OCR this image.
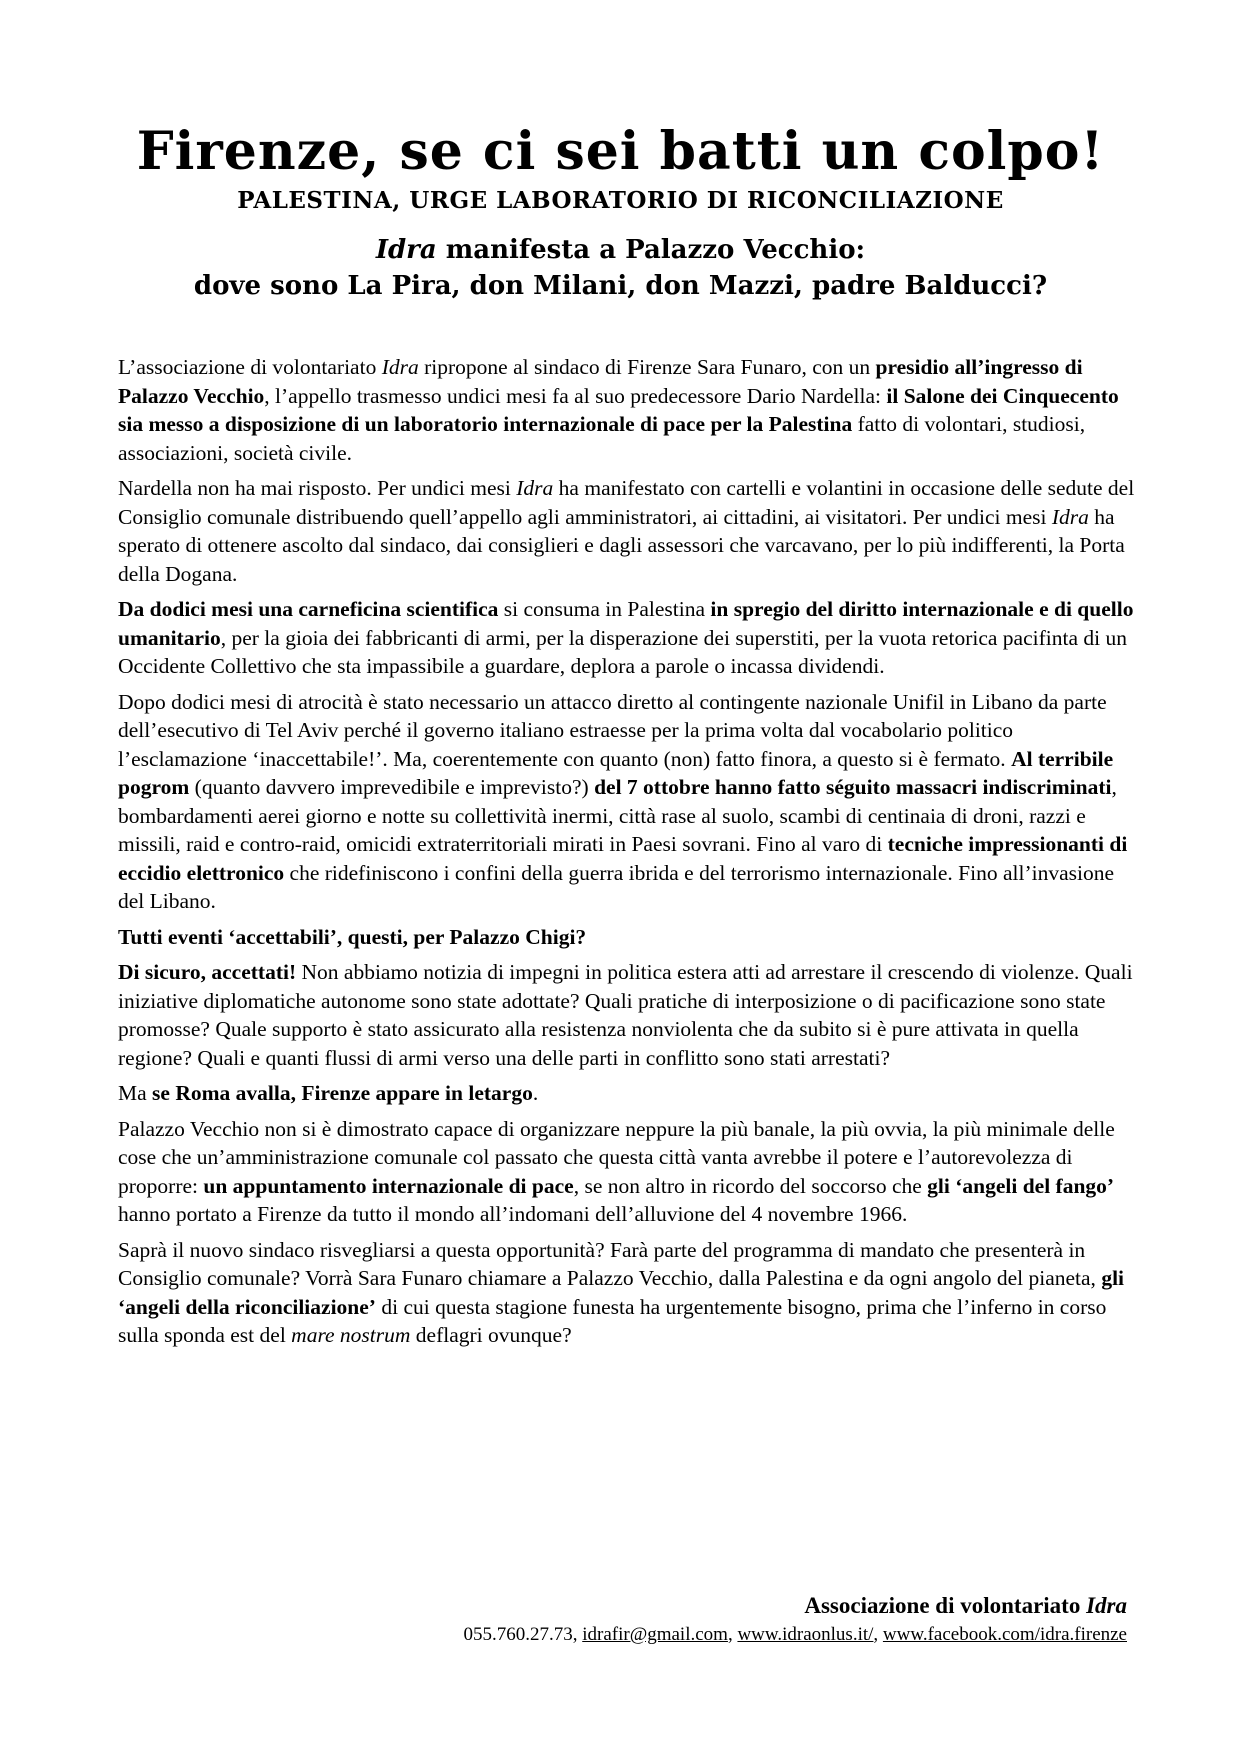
Firenze, se ci sei batti un colpo!
PALESTINA, URGE LABORATORIO DI RICONCILIAZIONE
Idra manifesta a Palazzo Vecchio:
dove sono La Pira, don Milani, don Mazzi, padre Balducci?

L’associazione di volontariato Idra ripropone al sindaco di Firenze Sara Funaro, con un presidio all’ingresso di Palazzo Vecchio, l’appello trasmesso undici mesi fa al suo predecessore Dario Nardella: il Salone dei Cinquecento sia messo a disposizione di un laboratorio internazionale di pace per la Palestina fatto di volontari, studiosi, associazioni, società civile.

Nardella non ha mai risposto. Per undici mesi Idra ha manifestato con cartelli e volantini in occasione delle sedute del Consiglio comunale distribuendo quell’appello agli amministratori, ai cittadini, ai visitatori. Per undici mesi Idra ha sperato di ottenere ascolto dal sindaco, dai consiglieri e dagli assessori che varcavano, per lo più indifferenti, la Porta della Dogana.

Da dodici mesi una carneficina scientifica si consuma in Palestina in spregio del diritto internazionale e di quello umanitario, per la gioia dei fabbricanti di armi, per la disperazione dei superstiti, per la vuota retorica pacifinta di un Occidente Collettivo che sta impassibile a guardare, deplora a parole o incassa dividendi.

Dopo dodici mesi di atrocità è stato necessario un attacco diretto al contingente nazionale Unifil in Libano da parte dell’esecutivo di Tel Aviv perché il governo italiano estraesse per la prima volta dal vocabolario politico l’esclamazione ‘inaccettabile!’. Ma, coerentemente con quanto (non) fatto finora, a questo si è fermato. Al terribile pogrom (quanto davvero imprevedibile e imprevisto?) del 7 ottobre hanno fatto séguito massacri indiscriminati, bombardamenti aerei giorno e notte su collettività inermi, città rase al suolo, scambi di centinaia di droni, razzi e missili, raid e contro-raid, omicidi extraterritoriali mirati in Paesi sovrani. Fino al varo di tecniche impressionanti di eccidio elettronico che ridefiniscono i confini della guerra ibrida e del terrorismo internazionale. Fino all’invasione del Libano.

Tutti eventi ‘accettabili’, questi, per Palazzo Chigi?

Di sicuro, accettati! Non abbiamo notizia di impegni in politica estera atti ad arrestare il crescendo di violenze. Quali iniziative diplomatiche autonome sono state adottate? Quali pratiche di interposizione o di pacificazione sono state promosse? Quale supporto è stato assicurato alla resistenza nonviolenta che da subito si è pure attivata in quella regione? Quali e quanti flussi di armi verso una delle parti in conflitto sono stati arrestati?

Ma se Roma avalla, Firenze appare in letargo.

Palazzo Vecchio non si è dimostrato capace di organizzare neppure la più banale, la più ovvia, la più minimale delle cose che un’amministrazione comunale col passato che questa città vanta avrebbe il potere e l’autorevolezza di proporre: un appuntamento internazionale di pace, se non altro in ricordo del soccorso che gli ‘angeli del fango’ hanno portato a Firenze da tutto il mondo all’indomani dell’alluvione del 4 novembre 1966.

Saprà il nuovo sindaco risvegliarsi a questa opportunità? Farà parte del programma di mandato che presenterà in Consiglio comunale? Vorrà Sara Funaro chiamare a Palazzo Vecchio, dalla Palestina e da ogni angolo del pianeta, gli ‘angeli della riconciliazione’ di cui questa stagione funesta ha urgentemente bisogno, prima che l’inferno in corso sulla sponda est del mare nostrum deflagri ovunque?

Associazione di volontariato Idra
055.760.27.73, idrafir@gmail.com, www.idraonlus.it/, www.facebook.com/idra.firenze
